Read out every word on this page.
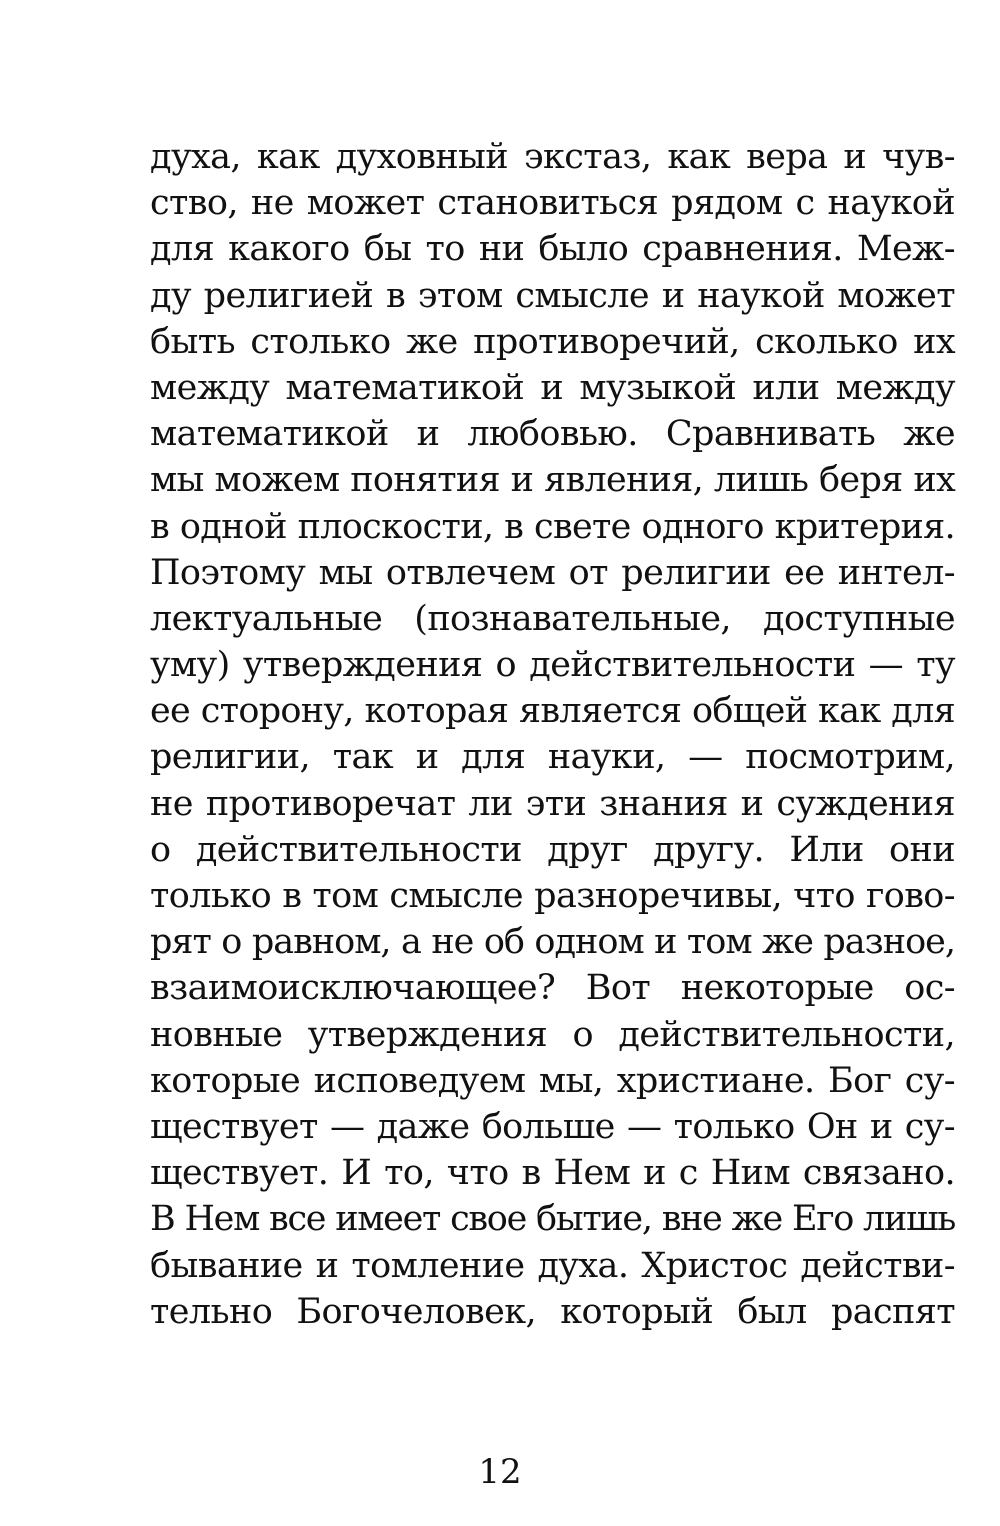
духа, как духовный экстаз, как вера и чув-
ство, не может становиться рядом с наукой
для какого бы то ни было сравнения. Меж-
ду религией в этом смысле и наукой может
быть столько же противоречий, сколько их
между математикой и музыкой или между
математикой и любовью. Сравнивать же
мы можем понятия и явления, лишь беря их
в одной плоскости, в свете одного критерия.
Поэтому мы отвлечем от религии ее интел-
лектуальные (познавательные, доступные
уму) утверждения о действительности — ту
ее сторону, которая является общей как для
религии, так и для науки, — посмотрим,
не противоречат ли эти знания и суждения
о действительности друг другу. Или они
только в том смысле разноречивы, что гово-
рят о равном, а не об одном и том же разное,
взаимоисключающее? Вот некоторые ос-
новные утверждения о действительности,
которые исповедуем мы, христиане. Бог су-
ществует — даже больше — только Он и су-
ществует. И то, что в Нем и с Ним связано.
В Нем все имеет свое бытие, вне же Его лишь
бывание и томление духа. Христос действи-
тельно Богочеловек, который был распят
12
